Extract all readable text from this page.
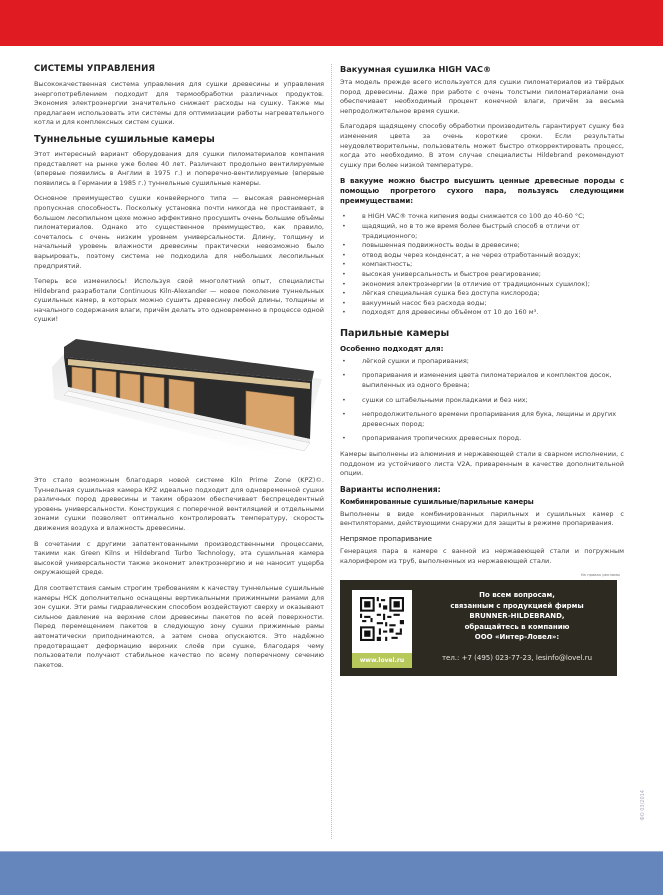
СИСТЕМЫ УПРАВЛЕНИЯ

Высококачественная система управления для сушки древесины и управления энергопотреблением подходит для термообработки различных продуктов. Экономия электроэнергии значительно снижает расходы на сушку. Также мы предлагаем использовать эти системы для оптимизации работы нагревательного котла и для комплексных систем сушки.

Туннельные сушильные камеры

Этот интересный вариант оборудования для сушки пиломатериалов компания представляет на рынке уже более 40 лет. Различают продольно вентилируемые (впервые появились в Англии в 1975 г.) и поперечно-вентилируемые (впервые появились в Германии в 1985 г.) туннельные сушильные камеры.

Основное преимущество сушки конвейерного типа — высокая равномерная пропускная способность. Поскольку установка почти никогда не простаивает, в большом лесопильном цехе можно эффективно просушить очень большие объёмы пиломатериалов. Однако это существенное преимущество, как правило, сочеталось с очень низким уровнем универсальности. Длину, толщину и начальный уровень влажности древесины практически невозможно было варьировать, поэтому система не подходила для небольших лесопильных предприятий.

Теперь все изменилось! Используя свой многолетний опыт, специалисты Hildebrand разработали Continuous Kiln-Alexander — новое поколение туннельных сушильных камер, в которых можно сушить древесину любой длины, толщины и начального содержания влаги, причём делать это одновременно в процессе одной сушки!

Это стало возможным благодаря новой системе Kiln Prime Zone (KPZ)©. Туннельная сушильная камера KPZ идеально подходит для одновременной сушки различных пород древесины и таким образом обеспечивает беспрецедентный уровень универсальности. Конструкция с поперечной вентиляцией и отдельными зонами сушки позволяет оптимально контролировать температуру, скорость движения воздуха и влажность древесины.

В сочетании с другими запатентованными производственными процессами, такими как Green Kilns и Hildebrand Turbo Technology, эта сушильная камера высокой универсальности также экономит электроэнергию и не наносит ущерба окружающей среде.

Для соответствия самым строгим требованиям к качеству туннельные сушильные камеры HCK дополнительно оснащены вертикальными прижимными рамами для зон сушки. Эти рамы гидравлическим способом воздействуют сверху и оказывают сильное давление на верхние слои древесины пакетов по всей поверхности. Перед перемещением пакетов в следующую зону сушки прижимные рамы автоматически приподнимаются, а затем снова опускаются. Это надёжно предотвращает деформацию верхних слоёв при сушке, благодаря чему пользователи получают стабильное качество по всему поперечному сечению пакетов.

Вакуумная сушилка HIGH VAC®

Эта модель прежде всего используется для сушки пиломатериалов из твёрдых пород древесины. Даже при работе с очень толстыми пиломатериалами она обеспечивает необходимый процент конечной влаги, причём за весьма непродолжительное время сушки.

Благодаря щадящему способу обработки производитель гарантирует сушку без изменения цвета за очень короткие сроки. Если результаты неудовлетворительны, пользователь может быстро откорректировать процесс, когда это необходимо. В этом случае специалисты Hildebrand рекомендуют сушку при более низкой температуре.

В вакууме можно быстро высушить ценные древесные породы с помощью прогретого сухого пара, пользуясь следующими преимуществами:

• в HIGH VAC® точка кипения воды снижается со 100 до 40-60 °C;
• щадящий, но в то же время более быстрый способ в отличи от традиционного;
• повышенная подвижность воды в древесине;
• отвод воды через конденсат, а не через отработанный воздух;
• компактность;
• высокая универсальность и быстрое реагирование;
• экономия электроэнергии (в отличие от традиционных сушилок);
• лёгкая специальная сушка без доступа кислорода;
• вакуумный насос без расхода воды;
• подходят для древесины объёмом от 10 до 160 м³.
Парильные камеры
Особенно подходят для:
• лёгкой сушки и пропаривания;
• пропаривания и изменения цвета пиломатериалов и комплектов досок, выпиленных из одного бревна;
• сушки со штабельными прокладками и без них;
• непродолжительного времени пропаривания для бука, лещины и других древесных пород;
• пропаривания тропических древесных пород.

Камеры выполнены из алюминия и нержавеющей стали в сварном исполнении, с поддоном из устойчивого листа V2A, приваренным в качестве дополнительной опции.

Варианты исполнения:
Комбинированные сушильные/парильные камеры

Выполнены в виде комбинированных парильных и сушильных камер с вентиляторами, действующими снаружи для защиты в режиме пропаривания.

Непрямое пропаривание

Генерация пара в камере с ванной из нержавеющей стали и погружным калорифером из труб, выполненных из нержавеющей стали.

На правах рекламы
www.lovel.ru
По всем вопросам,
связанным с продукцией фирмы
BRUNNER-HILDEBRAND,
обращайтесь в компанию
ООО «Интер-Ловел»:
тел.: +7 (495) 023-77-23, lesinfo@lovel.ru
ФО 03/2014
